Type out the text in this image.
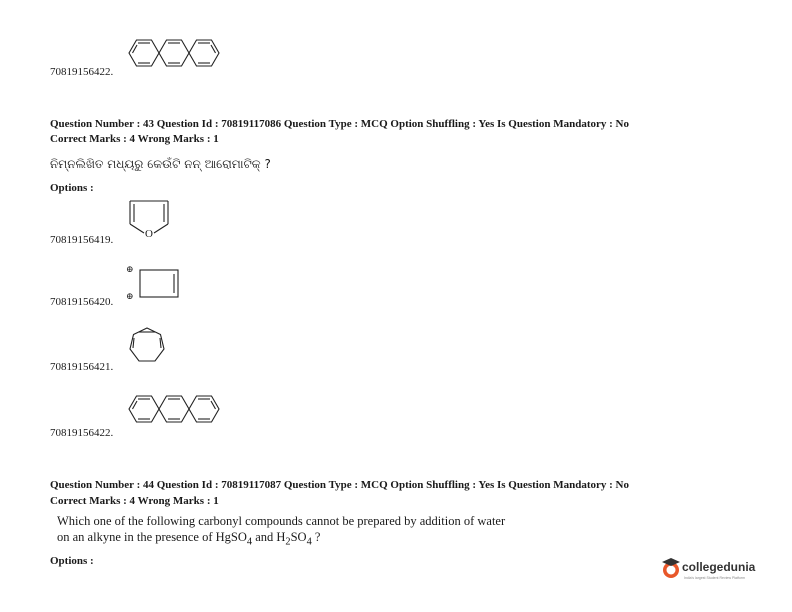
70819156422.
Question Number : 43 Question Id : 70819117086 Question Type : MCQ Option Shuffling : Yes Is Question Mandatory : No
Correct Marks : 4 Wrong Marks : 1
ନିମ୍ନଲିଖିତ ମଧ୍ୟରୁ କେଉଁଟି ନନ୍ ଆରୋମାଟିକ୍ ?
Options :
O
70819156419.
⊕
⊕
70819156420.
70819156421.
70819156422.
Question Number : 44 Question Id : 70819117087 Question Type : MCQ Option Shuffling : Yes Is Question Mandatory : No
Correct Marks : 4 Wrong Marks : 1
Which one of the following carbonyl compounds cannot be prepared by addition of water
on an alkyne in the presence of HgSO$_4$ and $H_2SO_4$ ?
Options :	collegedunia
India's largest Student Review Platform
